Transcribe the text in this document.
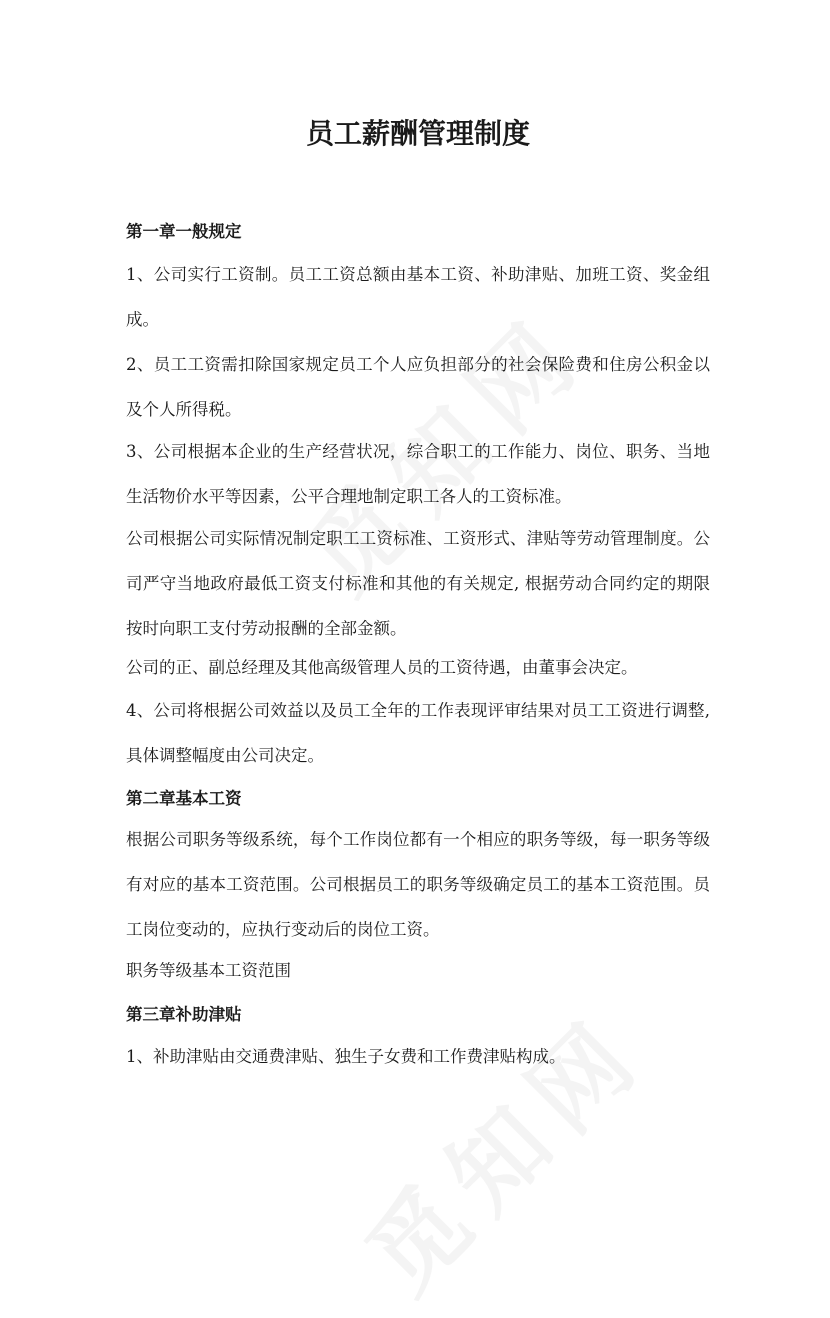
员工薪酬管理制度
第一章一般规定

1、公司实行工资制。员工工资总额由基本工资、补助津贴、加班工资、奖金组成。

2、员工工资需扣除国家规定员工个人应负担部分的社会保险费和住房公积金以及个人所得税。

3、公司根据本企业的生产经营状况，综合职工的工作能力、岗位、职务、当地生活物价水平等因素，公平合理地制定职工各人的工资标准。

公司根据公司实际情况制定职工工资标准、工资形式、津贴等劳动管理制度。公司严守当地政府最低工资支付标准和其他的有关规定, 根据劳动合同约定的期限按时向职工支付劳动报酬的全部金额。

公司的正、副总经理及其他高级管理人员的工资待遇，由董事会决定。

4、公司将根据公司效益以及员工全年的工作表现评审结果对员工工资进行调整,具体调整幅度由公司决定。

第二章基本工资

根据公司职务等级系统，每个工作岗位都有一个相应的职务等级，每一职务等级有对应的基本工资范围。公司根据员工的职务等级确定员工的基本工资范围。员工岗位变动的，应执行变动后的岗位工资。

职务等级基本工资范围

第三章补助津贴

1、补助津贴由交通费津贴、独生子女费和工作费津贴构成。
